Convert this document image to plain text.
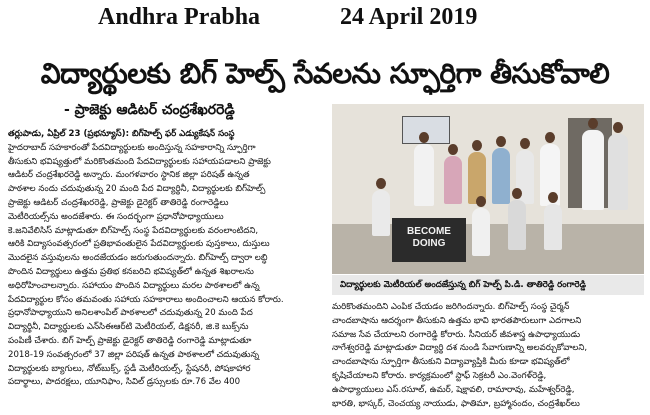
Andhra Prabha	24 April 2019
విద్యార్థులకు బిగ్ హెల్ప్ సేవలను స్ఫూర్తిగా తీసుకోవాలి
- ప్రాజెక్టు ఆడిటర్ చంద్రశేఖరరెడ్డి

తర్లుపాడు, ఏప్రిల్ 23 (ప్రభన్యూస్): బిగ్‌హెల్ప్ ఫర్ ఎడ్యుకేషన్ సంస్థ

హైదరాబాద్ సహకారంతో పేదవిద్యార్థులకు అందిస్తున్న సహకారాన్ని స్ఫూర్తిగా

తీసుకుని భవిష్యత్తులో మరికొంతమంది పేదవిద్యార్థులకు సహాయపడాలని ప్రాజెక్టు

ఆడిటర్ చంద్రశేఖరరెడ్డి అన్నారు. మంగళవారం స్థానిక జిల్లా పరిషత్ ఉన్నత

పాఠశాల నందు చదువుతున్న 20 మంది పేద విద్యార్థినీ, విద్యార్థులకు బిగ్‌హెల్ప్

ప్రాజెక్టు ఆడిటర్ చంద్రశేఖరరెడ్డి, ప్రాజెక్టు డైరెక్టర్ తాతిరెడ్డి రంగారెడ్డిలు

మెటీరియల్స్‌ను అందజేశారు. ఈ సందర్భంగా ప్రధానోపాధ్యాయులు

కె.జనివేలిసిస్ మాట్లాడుతూ బిగ్‌హెల్ప్ సంస్థ పేదవిద్యార్థులకు వరంలాంటిదని,

ఆరికి విద్యాసంవత్సరంలో ప్రతిభావంతులైన పేదవిద్యార్థులకు పుస్తకాలు, దుస్తులు

మొదలైన వస్తువులను అందజేయడం జరుగుతుందన్నారు. బిగ్‌హెల్ప్ ద్వారా లబ్ధి

పొందిన విద్యార్థులు ఉత్తమ ప్రతిభ కనబరిచి భవిష్యత్‌లో ఉన్నత శిఖరాలను

అధిరోహించాలన్నారు. సహాయం పొందిన విద్యార్థులు మరల పాఠశాలలో ఉన్న

పేదవిద్యార్థుల కోసం తమవంతు సహాయ సహకారాలు అందించాలని ఆయన కోరారు.

ప్రధానోపాధ్యాయుని అనిలశాంపిల్ పాఠశాలలో చదువుతున్న 20 మంది పేద

విద్యార్థినీ, విద్యార్థులకు ఎన్‌సిఈఆర్‌టి మెటీరియల్, డిక్షనరీ, జి.కె బుక్స్‌ను

పంపిణీ చేశారు. బిగ్ హెల్ప్ ప్రాజెక్టు డైరెక్టర్ తాతిరెడ్డి రంగారెడ్డి మాట్లాడుతూ

2018-19 సంవత్సరంలో 37 జిల్లా పరిషత్ ఉన్నత పాఠశాలలో చదువుతున్న

విద్యార్థులకు బ్యాగులు, నోట్‌బుక్స్, స్టడీ మెటీరియల్స్, స్టేషనరీ, పోషకాహార

పదార్థాలు, పాదరక్షలు, యూనిఫాం, సివిల్ డ్రస్సులకు రూ.76 వేల 400

BECOME DOING
విద్యార్థులకు మెటీరియల్ అందజేస్తున్న బిగ్ హెల్ప్ పి.డి. తాతిరెడ్డి రంగారెడ్డి

మరికొంతమందిని ఎంపిక చేయడం జరిగిందన్నారు. బిగ్‌హెల్ప్ సంస్థ చైర్మన్

చాందబాషాను ఆదర్శంగా తీసుకుని ఉత్తమ భావి భారతపౌరులుగా ఎదగాలని

సమాజ సేవ చేయాలని రంగారెడ్డి కోరారు. సీనియర్ జీవశాస్త్ర ఉపాధ్యాయుడు

నాగేశ్వరరెడ్డి మాట్లాడుతూ విద్యార్థి దశ నుండి సేవాగుణాన్ని అలవర్చుకోవాలని,

చాందబాషాను స్ఫూర్తిగా తీసుకుని విద్యావ్యాప్తికి మీరు కూడా భవిష్యత్‌లో

కృషిచేయాలని కోరారు. కార్యక్రమంలో స్టాఫ్ సెక్రటరీ ఎం.వెంగళ్‌రెడ్డి,

ఉపాధ్యాయులు ఎస్.రసూల్, ఉమర్, షెక్షావలి, రామారావు, మహేశ్వర్‌రెడ్డి,

భారతి, భాస్కర్, చెంచయ్య నాయుడు, ఫాతిమా, బ్రహ్మానందం, చంద్రశేఖర్‌లు
